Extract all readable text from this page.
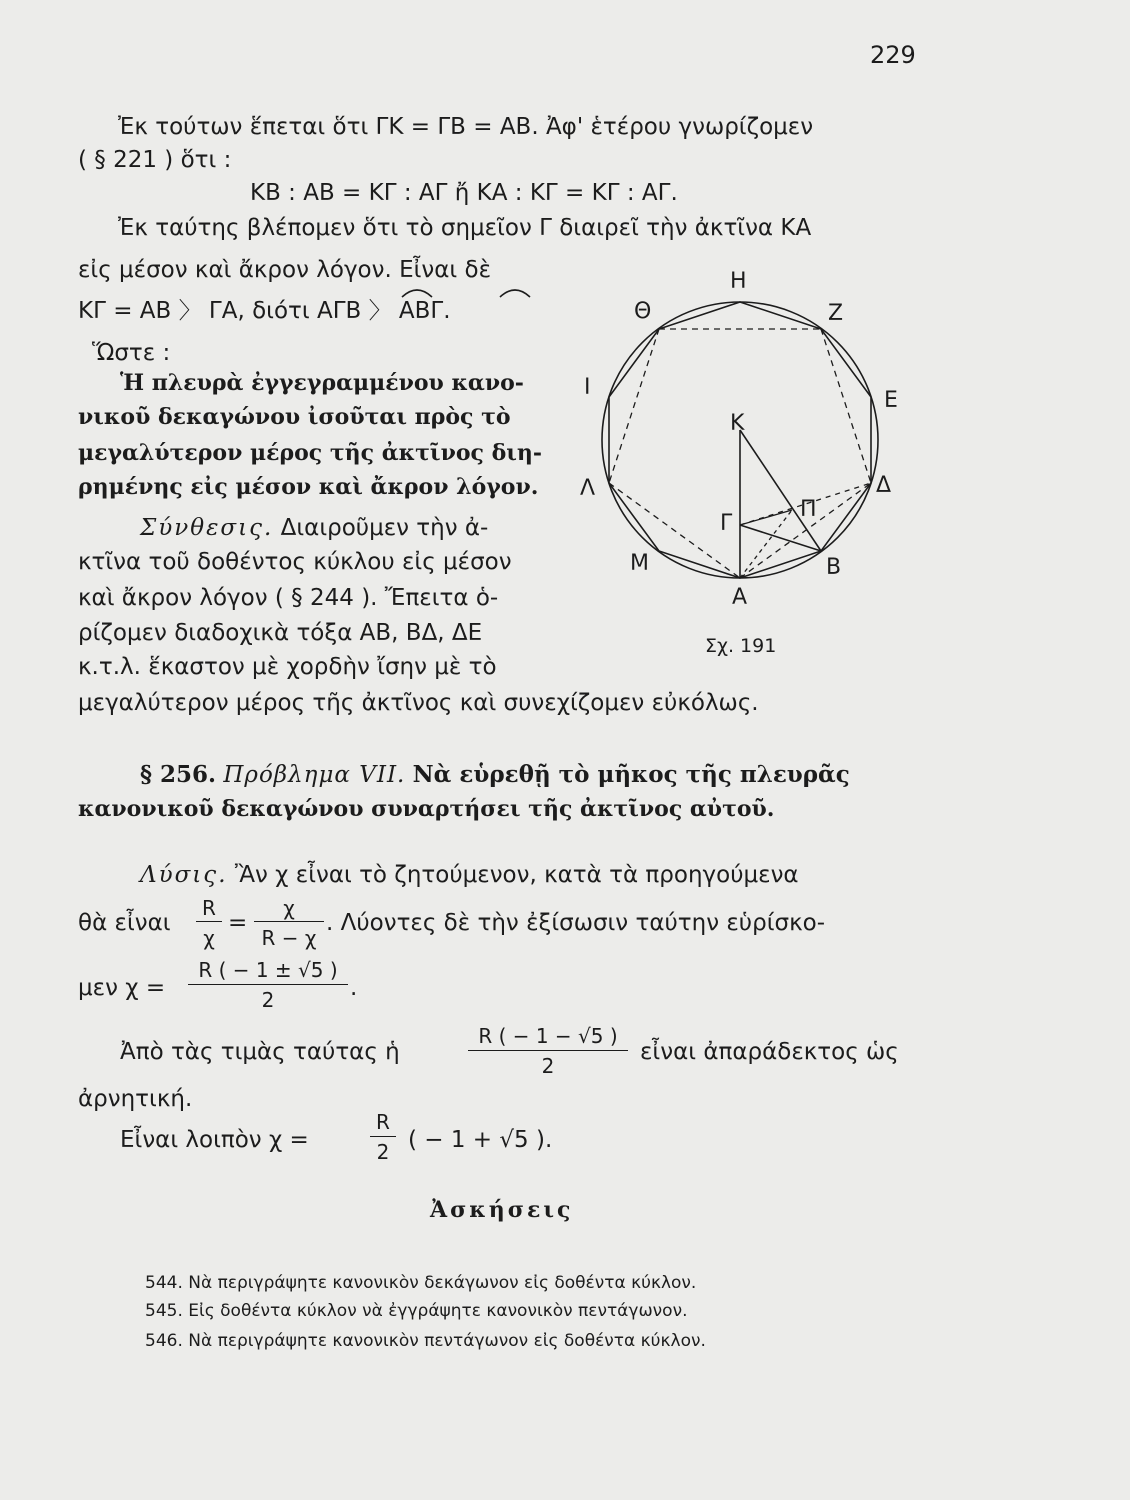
229
Ἐκ τούτων ἕπεται ὅτι ΓΚ = ΓΒ = ΑΒ. Ἀφ' ἑτέρου γνωρίζομεν
( § 221 ) ὅτι :
ΚΒ : ΑΒ = ΚΓ : ΑΓ ἤ ΚΑ : ΚΓ = ΚΓ : ΑΓ.
Ἐκ ταύτης βλέπομεν ὅτι τὸ σημεῖον Γ διαιρεῖ τὴν ἀκτῖνα ΚΑ
εἰς μέσον καὶ ἄκρον λόγον. Εἶναι δὲ
ΚΓ = ΑΒ 〉 ΓΑ, διότι ΑΓΒ 〉 ΑΒΓ.
Ὥστε :
Ἡ πλευρὰ ἐγγεγραμμένου κανο-
νικοῦ δεκαγώνου ἰσοῦται πρὸς τὸ
μεγαλύτερον μέρος τῆς ἀκτῖνος διη-
ρημένης εἰς μέσον καὶ ἄκρον λόγον.
Σύνθεσις. Διαιροῦμεν τὴν ἀ-
κτῖνα τοῦ δοθέντος κύκλου εἰς μέσον
καὶ ἄκρον λόγον ( § 244 ). Ἔπειτα ὁ-
ρίζομεν διαδοχικὰ τόξα ΑΒ, ΒΔ, ΔΕ
κ.τ.λ. ἕκαστον μὲ χορδὴν ἴσην μὲ τὸ
μεγαλύτερον μέρος τῆς ἀκτῖνος καὶ συνεχίζομεν εὐκόλως.
Α
Β
Δ
Ε
Ζ
Η
Θ
Ι
Λ
Μ
Κ
Γ
Π
Σχ. 191
§ 256. Πρόβλημα VII. Νὰ εὑρεθῇ τὸ μῆκος τῆς πλευρᾶς
κανονικοῦ δεκαγώνου συναρτήσει τῆς ἀκτῖνος αὐτοῦ.
Λύσις. Ἂν χ εἶναι τὸ ζητούμενον, κατὰ τὰ προηγούμενα
θὰ εἶναι
R
χ
=
χ
R − χ
. Λύοντες δὲ τὴν ἐξίσωσιν ταύτην εὑρίσκο-
μεν χ =
R ( − 1 ± √5 )
2	.
Ἀπὸ τὰς τιμὰς ταύτας ἡ
R ( − 1 − √5 )
2
εἶναι ἀπαράδεκτος ὡς
ἀρνητική.
Εἶναι λοιπὸν χ =
R
2 ( − 1 + √5 ).
Ἀσκήσεις
544. Νὰ περιγράψητε κανονικὸν δεκάγωνον εἰς δοθέντα κύκλον.
545. Εἰς δοθέντα κύκλον νὰ ἐγγράψητε κανονικὸν πεντάγωνον.
546. Νὰ περιγράψητε κανονικὸν πεντάγωνον εἰς δοθέντα κύκλον.
